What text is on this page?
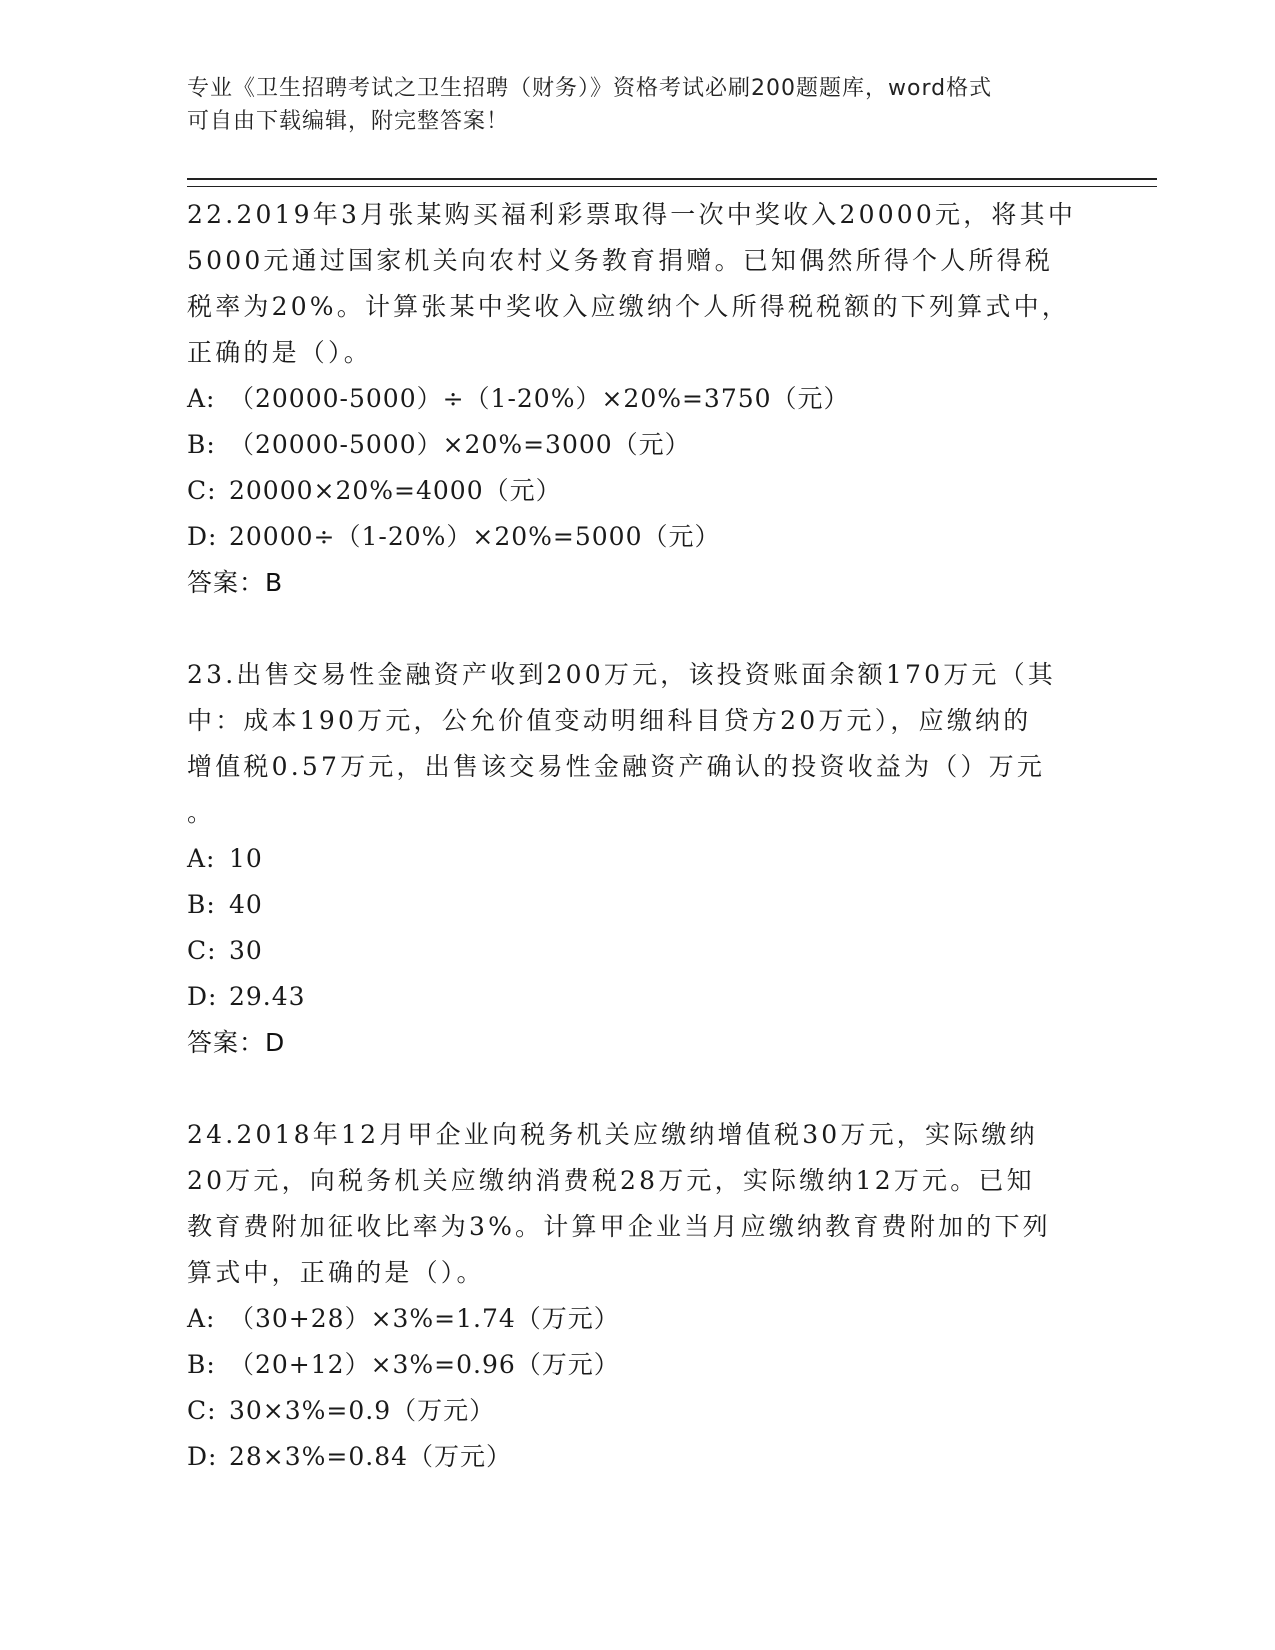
专业《卫生招聘考试之卫生招聘（财务）》资格考试必刷200题题库，word格式
可自由下载编辑，附完整答案！

22.2019年3月张某购买福利彩票取得一次中奖收入20000元，将其中

5000元通过国家机关向农村义务教育捐赠。已知偶然所得个人所得税

税率为20%。计算张某中奖收入应缴纳个人所得税税额的下列算式中，

正确的是（）。

A: （20000-5000）÷（1-20%）×20%=3750（元）

B: （20000-5000）×20%=3000（元）

C: 20000×20%=4000（元）

D: 20000÷（1-20%）×20%=5000（元）

答案：B

23.出售交易性金融资产收到200万元，该投资账面余额170万元（其

中：成本190万元，公允价值变动明细科目贷方20万元），应缴纳的

增值税0.57万元，出售该交易性金融资产确认的投资收益为（）万元

。

A: 10

B: 40

C: 30

D: 29.43

答案：D

24.2018年12月甲企业向税务机关应缴纳增值税30万元，实际缴纳

20万元，向税务机关应缴纳消费税28万元，实际缴纳12万元。已知

教育费附加征收比率为3%。计算甲企业当月应缴纳教育费附加的下列

算式中，正确的是（）。

A: （30+28）×3%=1.74（万元）

B: （20+12）×3%=0.96（万元）

C: 30×3%=0.9（万元）

D: 28×3%=0.84（万元）
